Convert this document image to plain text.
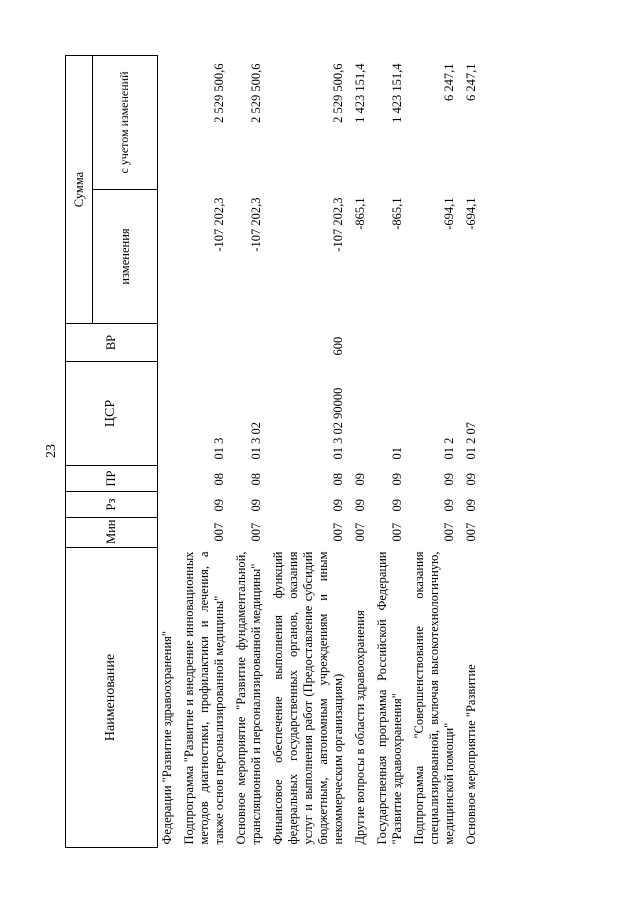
23
Наименование	Мин	Рз	ПР	ЦСР	ВР	Сумма	
						изменения	с учетом изменений
Федерации "Развитие здравоохранения"							
Подпрограмма "Развитие и внедрение инновационных методов диагностики, профилактики и лечения, а также основ персонализированной медицины"	007	09	08	01 3		-107 202,3	2 529 500,6
Основное мероприятие "Развитие фундаментальной, трансляционной и персонализированной медицины"	007	09	08	01 3 02		-107 202,3	2 529 500,6
Финансовое обеспечение выполнения функций федеральных государственных органов, оказания услуг и выполнения работ (Предоставление субсидий бюджетным, автономным учреждениям и иным некоммерческим организациям)	007	09	08	01 3 02 90000	600	-107 202,3	2 529 500,6
Другие вопросы в области здравоохранения	007	09	09			-865,1	1 423 151,4
Государственная программа Российской Федерации "Развитие здравоохранения"	007	09	09	01		-865,1	1 423 151,4
Подпрограмма "Совершенствование оказания специализированной, включая высокотехнологичную, медицинской помощи"	007	09	09	01 2		-694,1	6 247,1
Основное мероприятие "Развитие	007	09	09	01 2 07		-694,1	6 247,1
